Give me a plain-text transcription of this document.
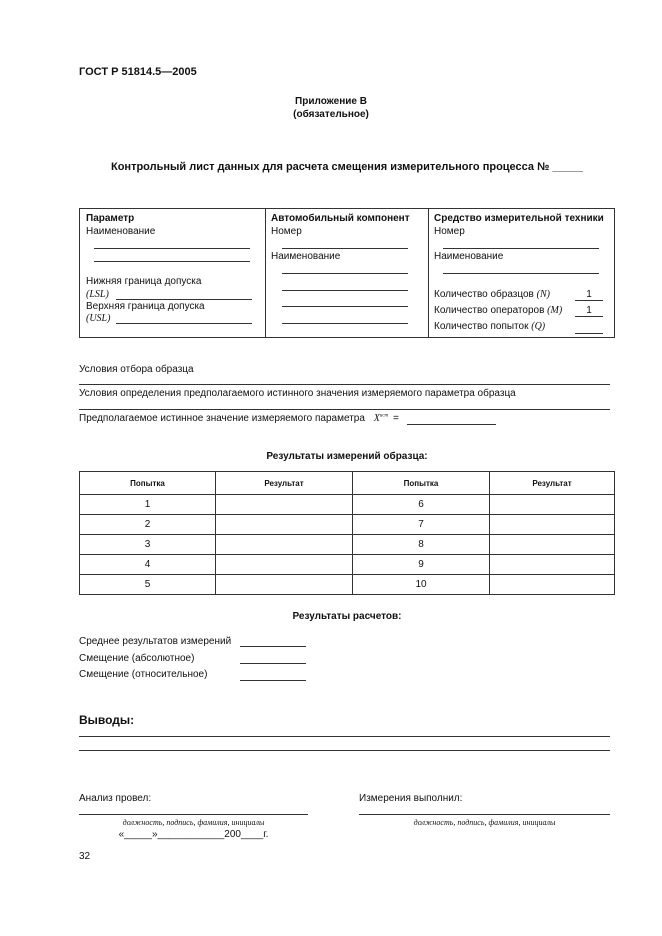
ГОСТ Р 51814.5—2005
Приложение В
(обязательное)
Контрольный лист данных для расчета смещения измерительного процесса № _____
Параметр
Наименование
Нижняя граница допуска
(LSL)
Верхняя граница допуска
(USL)

Автомобильный компонент
Номер
Наименование

Средство измерительной техники
Номер
Наименование
Количество образцов (N)	1
Количество операторов (M)	1
Количество попыток (Q)
Условия отбора образца
Условия определения предполагаемого истинного значения измеряемого параметра образца
Предполагаемое истинное значение измеряемого параметра $X^{ист}$ =
Результаты измерений образца:
Попытка	Результат	Попытка	Результат
1		6	
2		7	
3		8	
4		9	
5		10	
Результаты расчетов:
Среднее результатов измерений
Смещение (абсолютное)
Смещение (относительное)
Выводы:
Анализ провел:
должность, подпись, фамилия, инициалы
«_____»____________200____г.
Измерения выполнил:
должность, подпись, фамилия, инициалы
32
